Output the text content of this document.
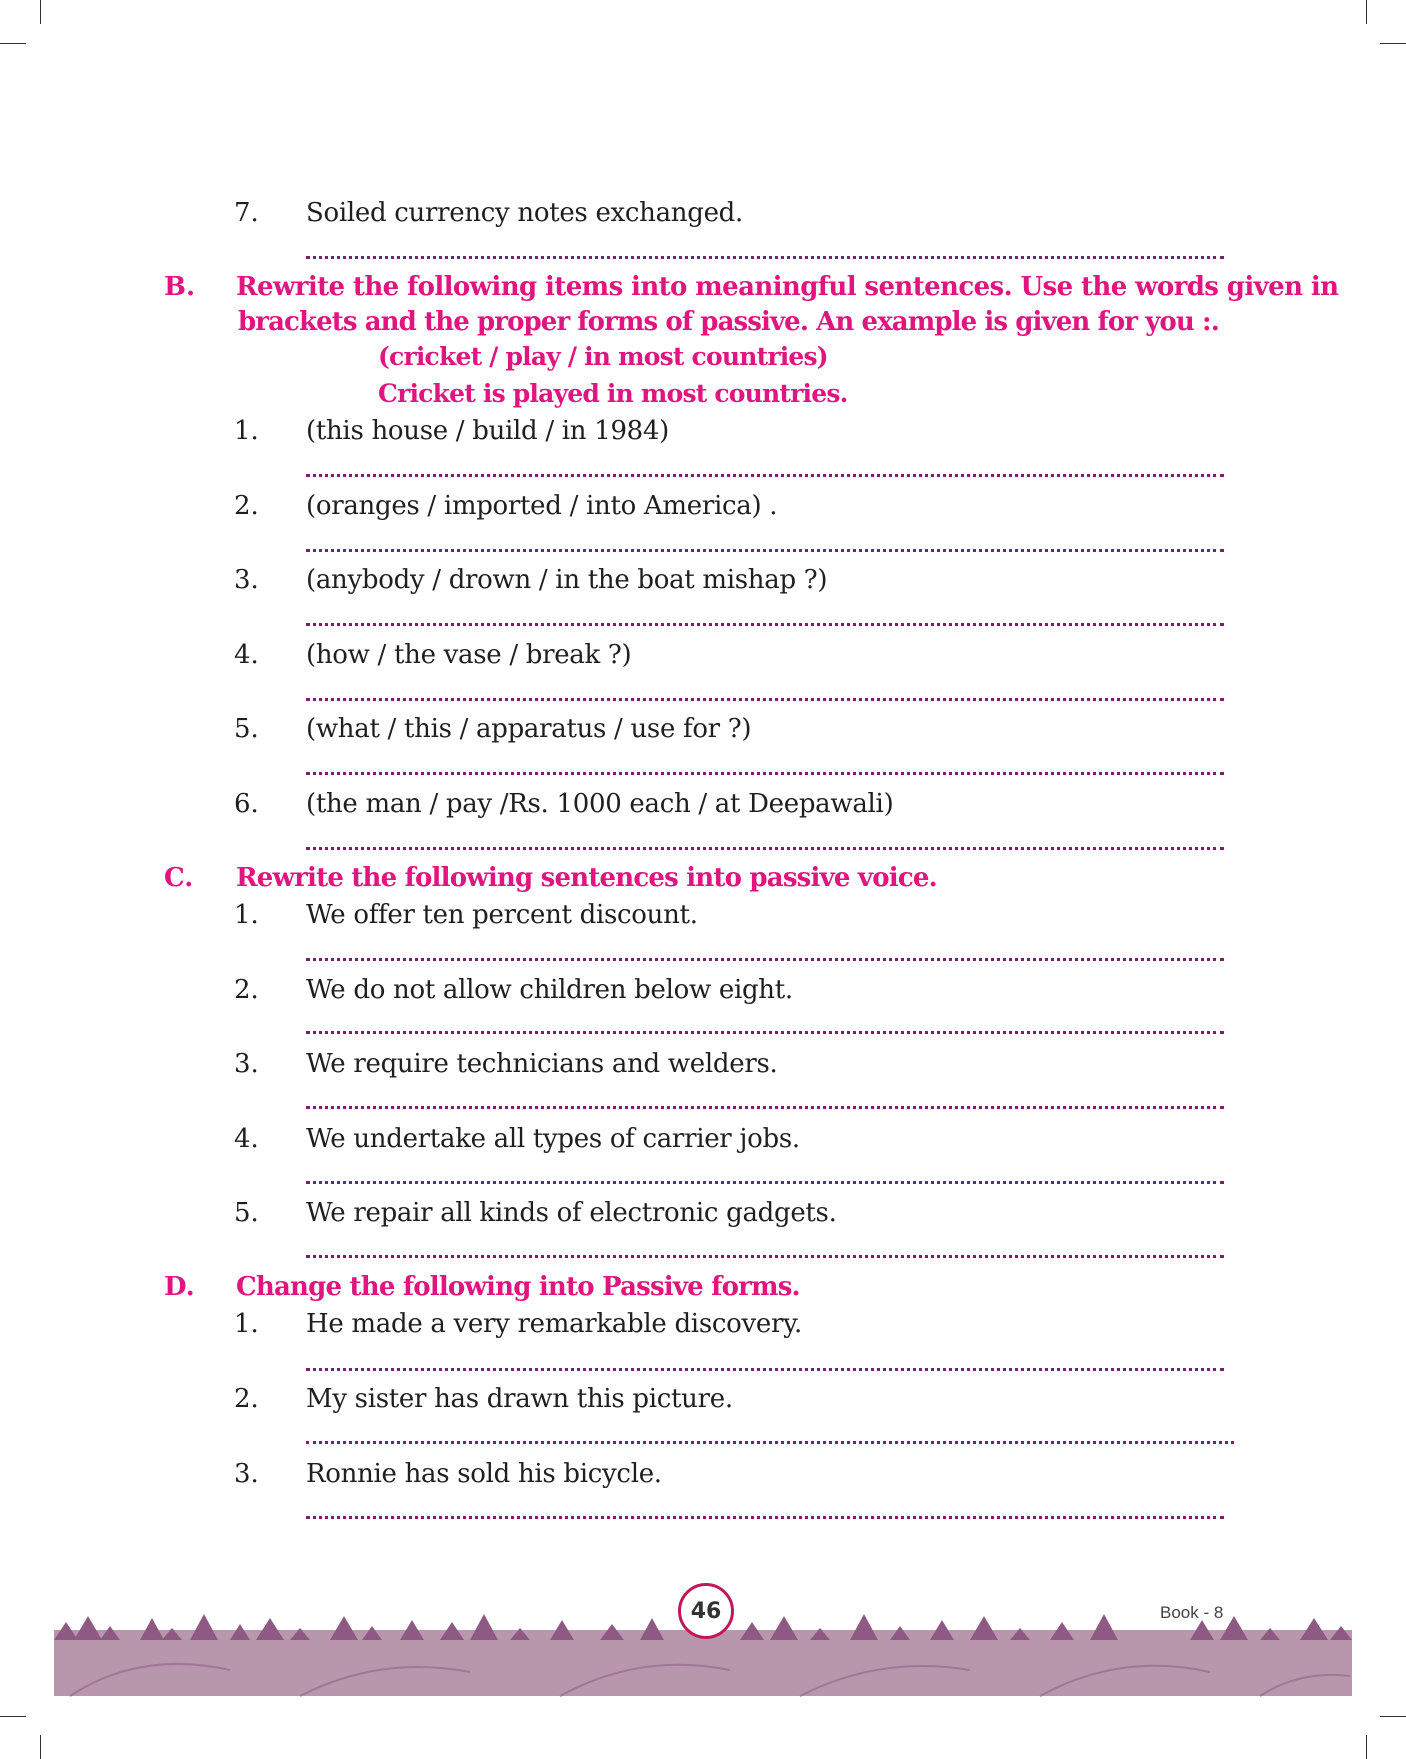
7. Soiled currency notes exchanged.
B. Rewrite the following items into meaningful sentences. Use the words given in
brackets and the proper forms of passive. An example is given for you :.
(cricket / play / in most countries)
Cricket is played in most countries.
1. (this house / build / in 1984)
2. (oranges / imported / into America) .
3. (anybody / drown / in the boat mishap ?)
4. (how / the vase / break ?)
5. (what / this / apparatus / use for ?)
6. (the man / pay /Rs. 1000 each / at Deepawali)
C. Rewrite the following sentences into passive voice.
1. We offer ten percent discount.
2. We do not allow children below eight.
3. We require technicians and welders.
4. We undertake all types of carrier jobs.
5. We repair all kinds of electronic gadgets.
D. Change the following into Passive forms.
1. He made a very remarkable discovery.
2. My sister has drawn this picture.
3. Ronnie has sold his bicycle.
46	Book - 8
